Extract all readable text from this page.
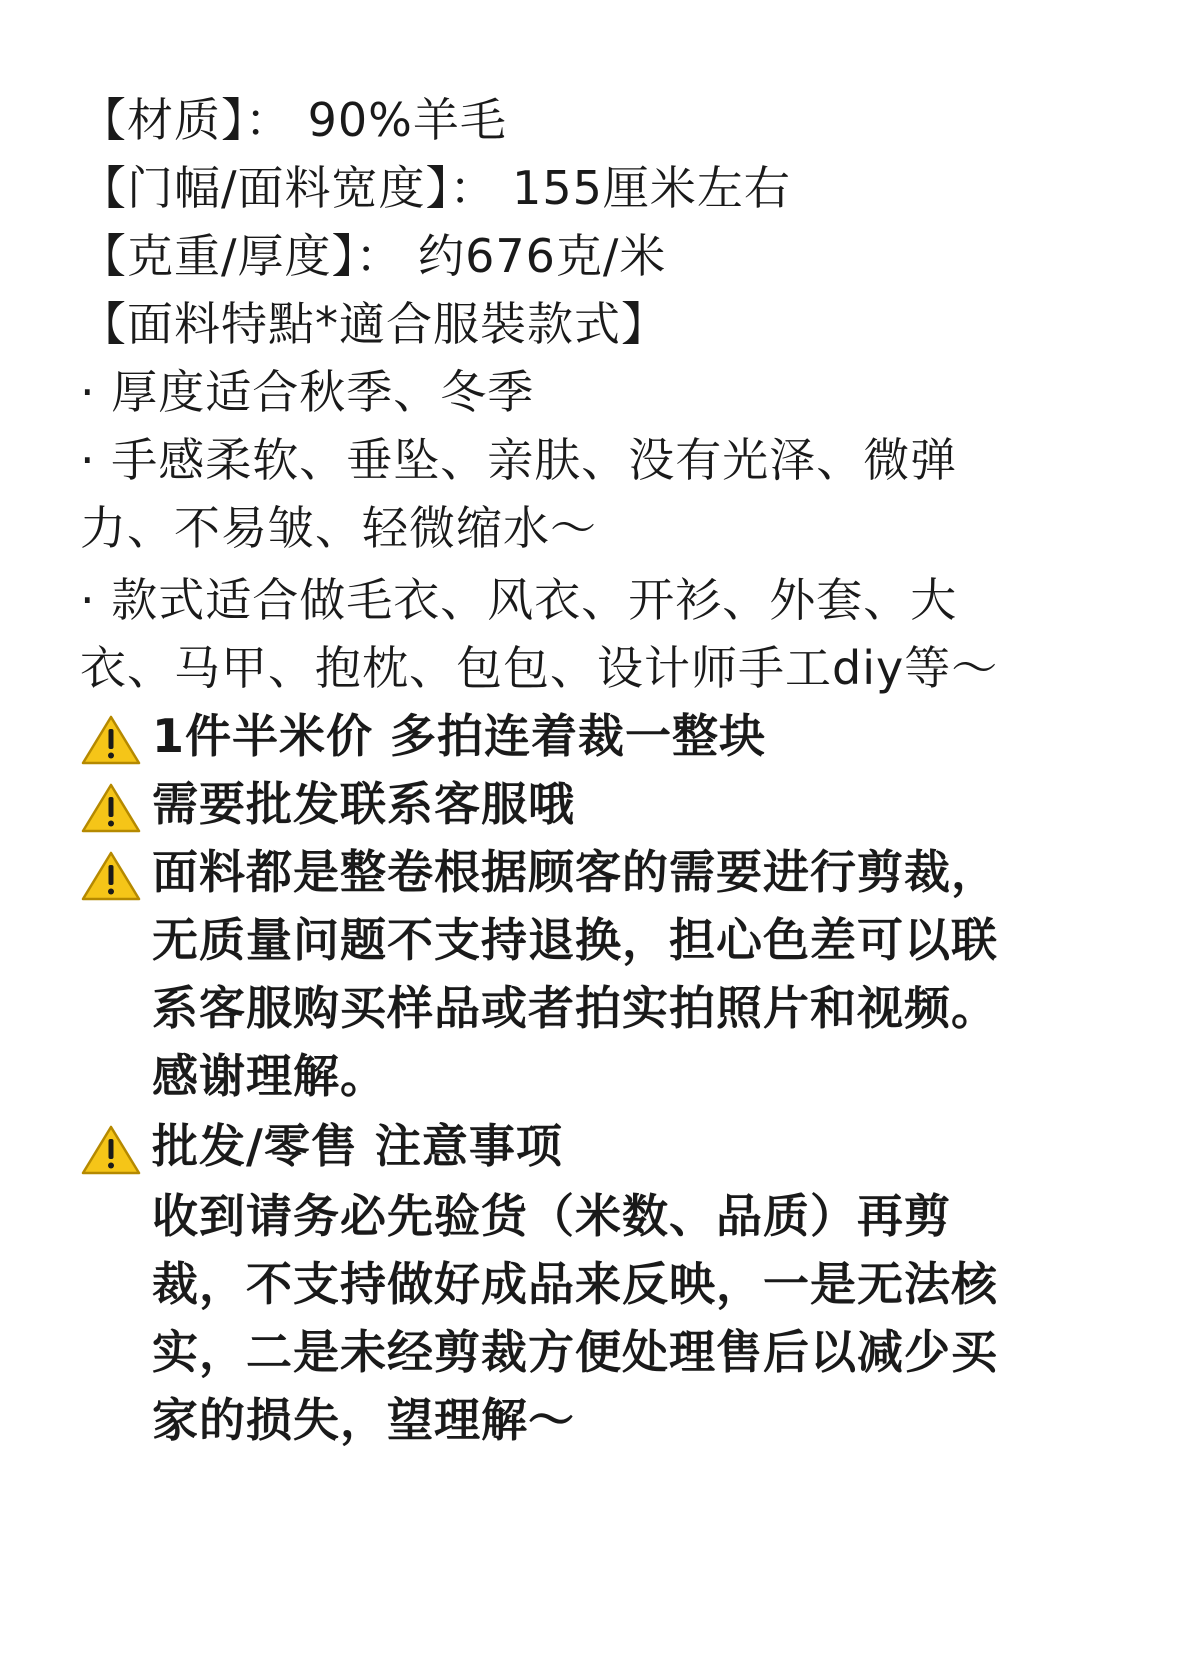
【材质】： 90%羊毛
【门幅/面料宽度】： 155厘米左右
【克重/厚度】： 约676克/米
【面料特點*適合服裝款式】
· 厚度适合秋季、冬季
· 手感柔软、垂坠、亲肤、没有光泽、微弹
力、不易皱、轻微缩水～
· 款式适合做毛衣、风衣、开衫、外套、大
衣、马甲、抱枕、包包、设计师手工diy等～
1件半米价 多拍连着裁一整块
需要批发联系客服哦
面料都是整卷根据顾客的需要进行剪裁，
无质量问题不支持退换，担心色差可以联
系客服购买样品或者拍实拍照片和视频。
感谢理解。
批发/零售 注意事项
收到请务必先验货（米数、品质）再剪
裁，不支持做好成品来反映，一是无法核
实，二是未经剪裁方便处理售后以减少买
家的损失，望理解～
